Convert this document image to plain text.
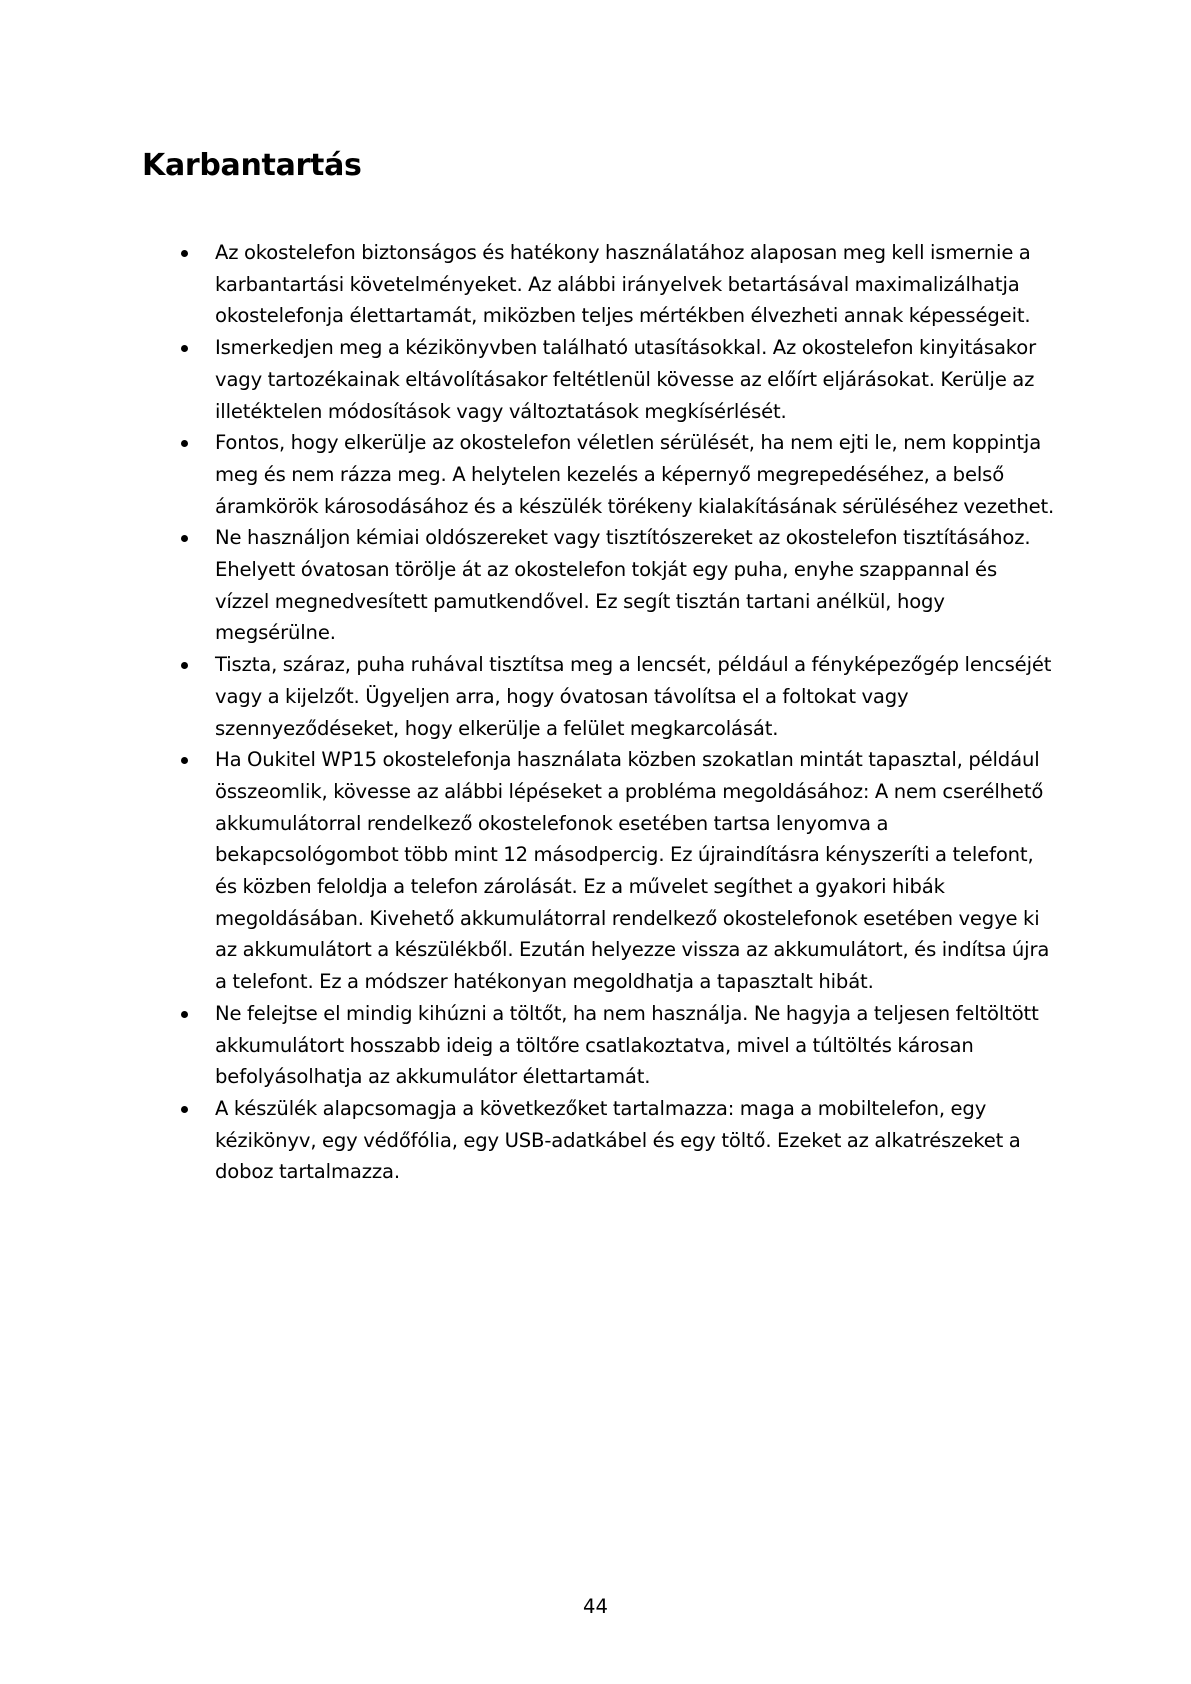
Karbantartás
Az okostelefon biztonságos és hatékony használatához alaposan meg kell ismernie a
karbantartási követelményeket. Az alábbi irányelvek betartásával maximalizálhatja
okostelefonja élettartamát, miközben teljes mértékben élvezheti annak képességeit.
Ismerkedjen meg a kézikönyvben található utasításokkal. Az okostelefon kinyitásakor
vagy tartozékainak eltávolításakor feltétlenül kövesse az előírt eljárásokat. Kerülje az
illetéktelen módosítások vagy változtatások megkísérlését.
Fontos, hogy elkerülje az okostelefon véletlen sérülését, ha nem ejti le, nem koppintja
meg és nem rázza meg. A helytelen kezelés a képernyő megrepedéséhez, a belső
áramkörök károsodásához és a készülék törékeny kialakításának sérüléséhez vezethet.
Ne használjon kémiai oldószereket vagy tisztítószereket az okostelefon tisztításához.
Ehelyett óvatosan törölje át az okostelefon tokját egy puha, enyhe szappannal és
vízzel megnedvesített pamutkendővel. Ez segít tisztán tartani anélkül, hogy
megsérülne.
Tiszta, száraz, puha ruhával tisztítsa meg a lencsét, például a fényképezőgép lencséjét
vagy a kijelzőt. Ügyeljen arra, hogy óvatosan távolítsa el a foltokat vagy
szennyeződéseket, hogy elkerülje a felület megkarcolását.
Ha Oukitel WP15 okostelefonja használata közben szokatlan mintát tapasztal, például
összeomlik, kövesse az alábbi lépéseket a probléma megoldásához: A nem cserélhető
akkumulátorral rendelkező okostelefonok esetében tartsa lenyomva a
bekapcsológombot több mint 12 másodpercig. Ez újraindításra kényszeríti a telefont,
és közben feloldja a telefon zárolását. Ez a művelet segíthet a gyakori hibák
megoldásában. Kivehető akkumulátorral rendelkező okostelefonok esetében vegye ki
az akkumulátort a készülékből. Ezután helyezze vissza az akkumulátort, és indítsa újra
a telefont. Ez a módszer hatékonyan megoldhatja a tapasztalt hibát.
Ne felejtse el mindig kihúzni a töltőt, ha nem használja. Ne hagyja a teljesen feltöltött
akkumulátort hosszabb ideig a töltőre csatlakoztatva, mivel a túltöltés károsan
befolyásolhatja az akkumulátor élettartamát.
A készülék alapcsomagja a következőket tartalmazza: maga a mobiltelefon, egy
kézikönyv, egy védőfólia, egy USB-adatkábel és egy töltő. Ezeket az alkatrészeket a
doboz tartalmazza.
44
